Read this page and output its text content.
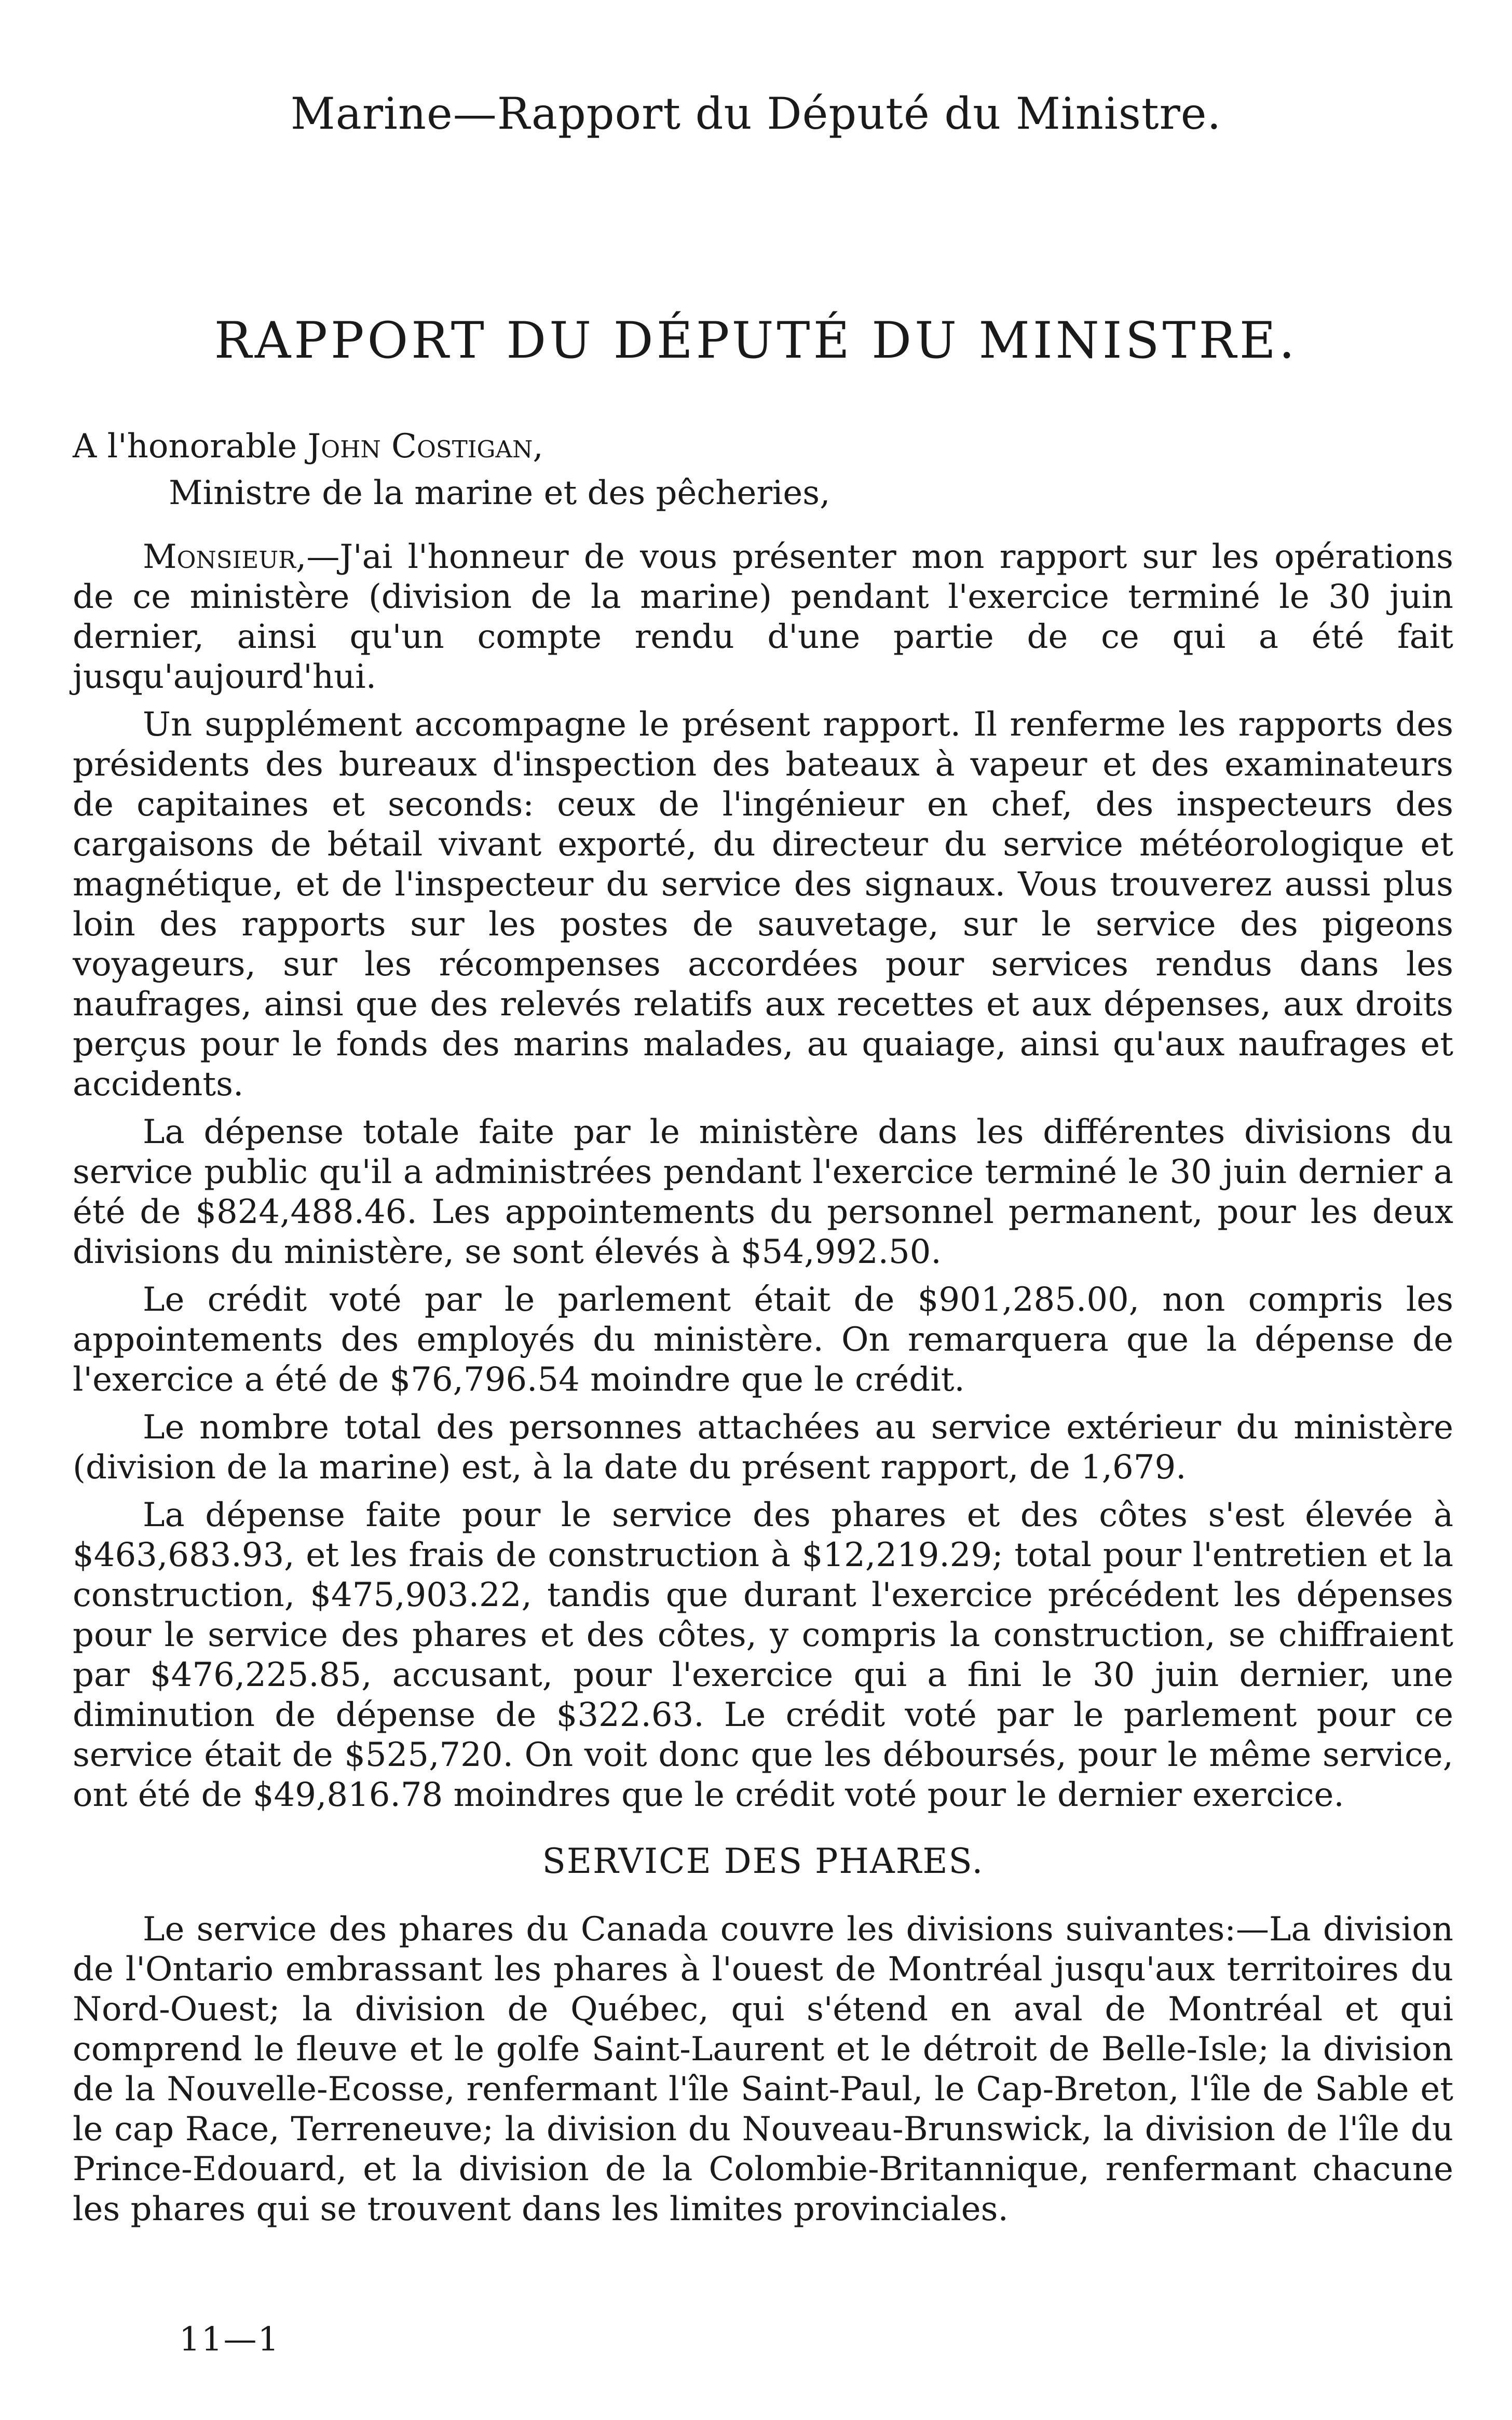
Marine—Rapport du Député du Ministre.
RAPPORT DU DÉPUTÉ DU MINISTRE.
A l'honorable John Costigan,
Ministre de la marine et des pêcheries,

Monsieur,—J'ai l'honneur de vous présenter mon rapport sur les opérations de ce ministère (division de la marine) pendant l'exercice terminé le 30 juin dernier, ainsi qu'un compte rendu d'une partie de ce qui a été fait jusqu'aujourd'hui.

Un supplément accompagne le présent rapport. Il renferme les rapports des présidents des bureaux d'inspection des bateaux à vapeur et des examinateurs de capitaines et seconds: ceux de l'ingénieur en chef, des inspecteurs des cargaisons de bétail vivant exporté, du directeur du service météorologique et magnétique, et de l'inspecteur du service des signaux. Vous trouverez aussi plus loin des rapports sur les postes de sauvetage, sur le service des pigeons voyageurs, sur les récompenses accordées pour services rendus dans les naufrages, ainsi que des relevés relatifs aux recettes et aux dépenses, aux droits perçus pour le fonds des marins malades, au quaiage, ainsi qu'aux naufrages et accidents.

La dépense totale faite par le ministère dans les différentes divisions du service public qu'il a administrées pendant l'exercice terminé le 30 juin dernier a été de $824,488.46. Les appointements du personnel permanent, pour les deux divisions du ministère, se sont élevés à $54,992.50.

Le crédit voté par le parlement était de $901,285.00, non compris les appointements des employés du ministère. On remarquera que la dépense de l'exercice a été de $76,796.54 moindre que le crédit.

Le nombre total des personnes attachées au service extérieur du ministère (division de la marine) est, à la date du présent rapport, de 1,679.

La dépense faite pour le service des phares et des côtes s'est élevée à $463,683.93, et les frais de construction à $12,219.29; total pour l'entretien et la construction, $475,903.22, tandis que durant l'exercice précédent les dépenses pour le service des phares et des côtes, y compris la construction, se chiffraient par $476,225.85, accusant, pour l'exercice qui a fini le 30 juin dernier, une diminution de dépense de $322.63. Le crédit voté par le parlement pour ce service était de $525,720. On voit donc que les déboursés, pour le même service, ont été de $49,816.78 moindres que le crédit voté pour le dernier exercice.

SERVICE DES PHARES.

Le service des phares du Canada couvre les divisions suivantes:—La division de l'Ontario embrassant les phares à l'ouest de Montréal jusqu'aux territoires du Nord-Ouest; la division de Québec, qui s'étend en aval de Montréal et qui comprend le fleuve et le golfe Saint-Laurent et le détroit de Belle-Isle; la division de la Nouvelle-Ecosse, renfermant l'île Saint-Paul, le Cap-Breton, l'île de Sable et le cap Race, Terreneuve; la division du Nouveau-Brunswick, la division de l'île du Prince-Edouard, et la division de la Colombie-Britannique, renfermant chacune les phares qui se trouvent dans les limites provinciales.

11—1
